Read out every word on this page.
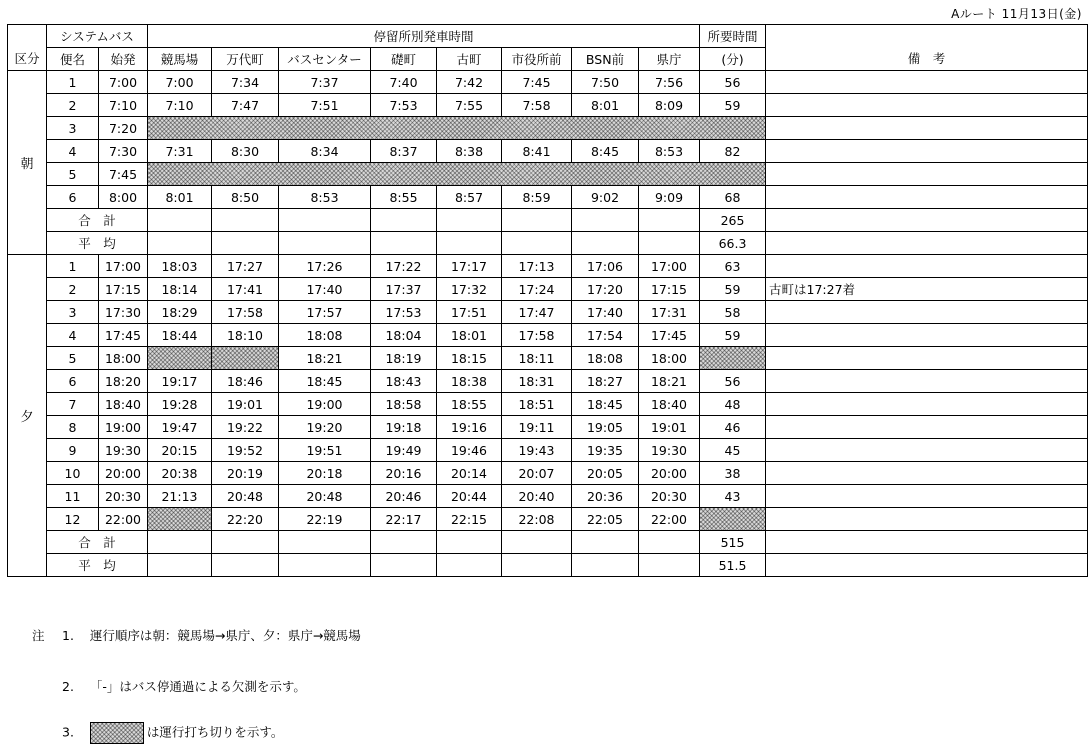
Aルート 11月13日(金)
区分	システムバス		停留所別発車時間								所要時間	備　考
	便名	始発	競馬場	万代町	バスセンター	礎町	古町	市役所前	BSN前	県庁	(分)	
朝	1	7:00	7:00	7:34	7:37	7:40	7:42	7:45	7:50	7:56	56	
	2	7:10	7:10	7:47	7:51	7:53	7:55	7:58	8:01	8:09	59	
	3	7:20										
	4	7:30	7:31	8:30	8:34	8:37	8:38	8:41	8:45	8:53	82	
	5	7:45										
	6	8:00	8:01	8:50	8:53	8:55	8:57	8:59	9:02	9:09	68	
	合　計										265	
	平　均										66.3	
夕	1	17:00	18:03	17:27	17:26	17:22	17:17	17:13	17:06	17:00	63	
	2	17:15	18:14	17:41	17:40	17:37	17:32	17:24	17:20	17:15	59	古町は17:27着
	3	17:30	18:29	17:58	17:57	17:53	17:51	17:47	17:40	17:31	58	
	4	17:45	18:44	18:10	18:08	18:04	18:01	17:58	17:54	17:45	59	
	5	18:00			18:21	18:19	18:15	18:11	18:08	18:00		
	6	18:20	19:17	18:46	18:45	18:43	18:38	18:31	18:27	18:21	56	
	7	18:40	19:28	19:01	19:00	18:58	18:55	18:51	18:45	18:40	48	
	8	19:00	19:47	19:22	19:20	19:18	19:16	19:11	19:05	19:01	46	
	9	19:30	20:15	19:52	19:51	19:49	19:46	19:43	19:35	19:30	45	
	10	20:00	20:38	20:19	20:18	20:16	20:14	20:07	20:05	20:00	38	
	11	20:30	21:13	20:48	20:48	20:46	20:44	20:40	20:36	20:30	43	
	12	22:00		22:20	22:19	22:17	22:15	22:08	22:05	22:00		
	合　計										515	
	平　均										51.5	
注 1. 運行順序は朝：競馬場→県庁、夕：県庁→競馬場
2. 「-」はバス停通過による欠測を示す。
3.	は運行打ち切りを示す。
